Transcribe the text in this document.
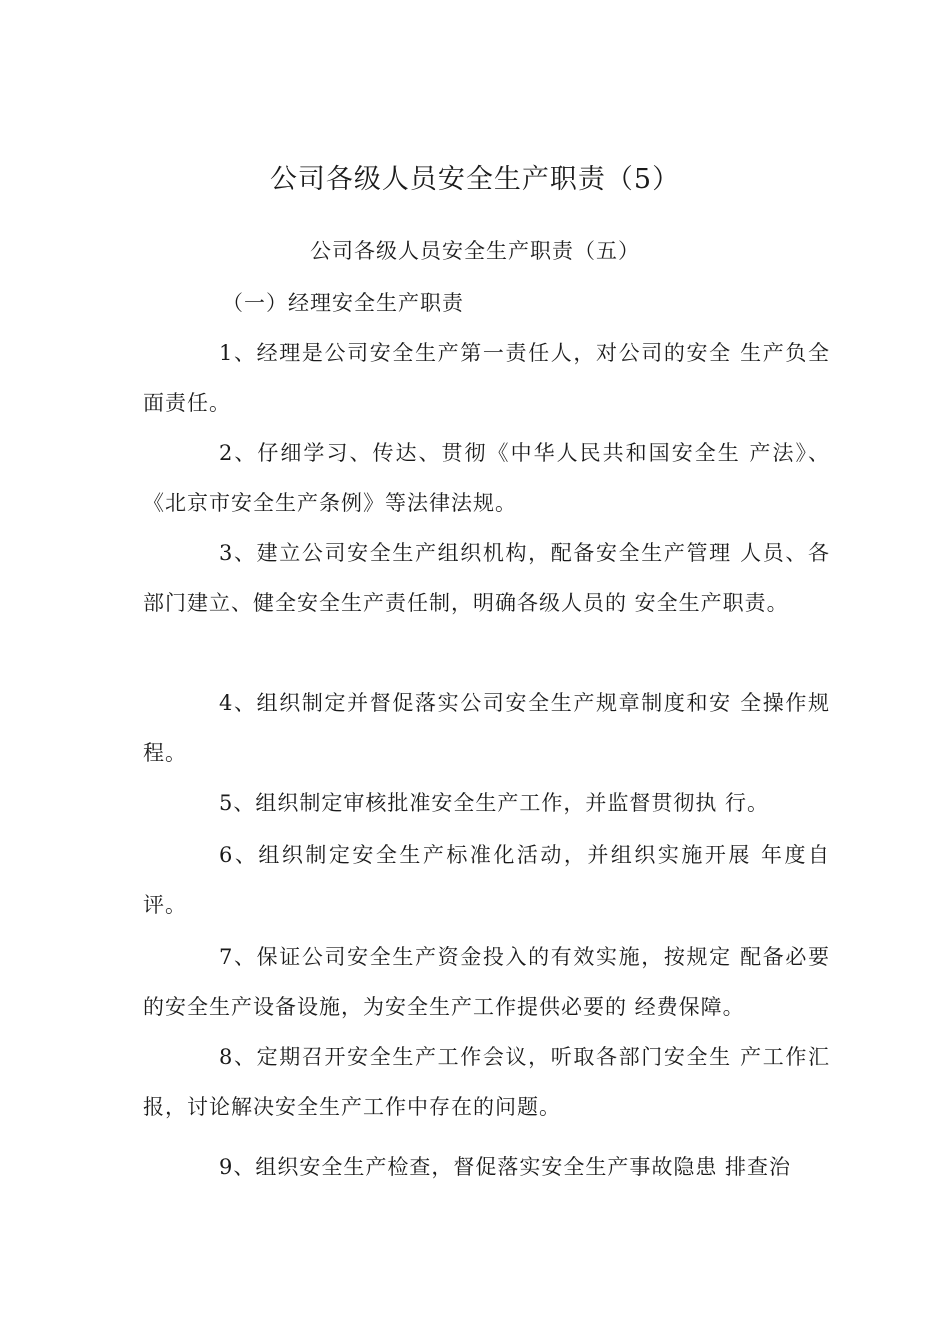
公司各级人员安全生产职责（5）
公司各级人员安全生产职责（五）
（一）经理安全生产职责

1、经理是公司安全生产第一责任人，对公司的安全 生产负全面责任。

2、仔细学习、传达、贯彻《中华人民共和国安全生 产法》、《北京市安全生产条例》等法律法规。

3、建立公司安全生产组织机构，配备安全生产管理 人员、各部门建立、健全安全生产责任制，明确各级人员的 安全生产职责。

4、组织制定并督促落实公司安全生产规章制度和安 全操作规程。

5、组织制定审核批准安全生产工作，并监督贯彻执 行。

6、组织制定安全生产标准化活动，并组织实施开展 年度自评。

7、保证公司安全生产资金投入的有效实施，按规定 配备必要的安全生产设备设施，为安全生产工作提供必要的 经费保障。

8、定期召开安全生产工作会议，听取各部门安全生 产工作汇报，讨论解决安全生产工作中存在的问题。

9、组织安全生产检查，督促落实安全生产事故隐患 排查治
